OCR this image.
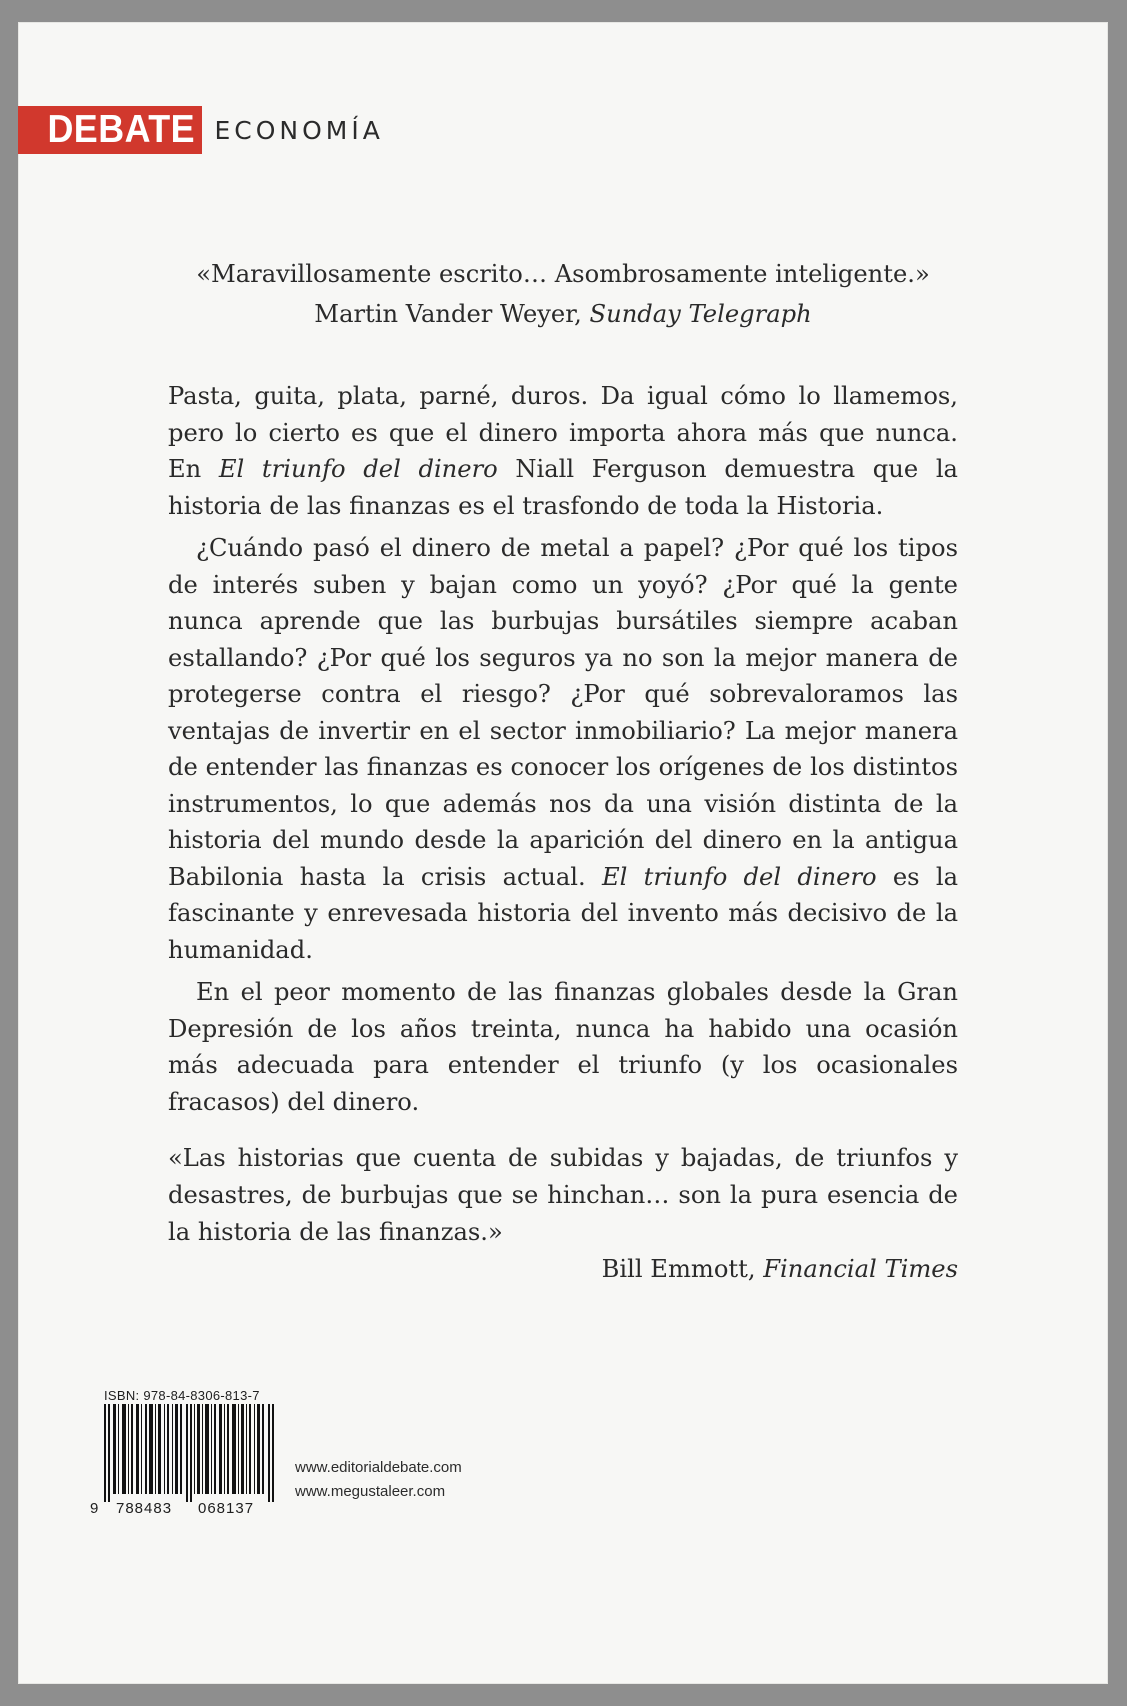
DEBATE ECONOMÍA
«Maravillosamente escrito… Asombrosamente inteligente.»
Martin Vander Weyer, Sunday Telegraph

Pasta, guita, plata, parné, duros. Da igual cómo lo llamemos, pero lo cierto es que el dinero importa ahora más que nunca. En El triunfo del dinero Niall Ferguson demuestra que la historia de las finanzas es el trasfondo de toda la Historia.

¿Cuándo pasó el dinero de metal a papel? ¿Por qué los tipos de interés suben y bajan como un yoyó? ¿Por qué la gente nunca aprende que las burbujas bursátiles siempre acaban estallando? ¿Por qué los seguros ya no son la mejor manera de protegerse contra el riesgo? ¿Por qué sobrevaloramos las ventajas de invertir en el sector inmobiliario? La mejor manera de entender las finanzas es conocer los orígenes de los distintos instrumentos, lo que además nos da una visión distinta de la historia del mundo desde la aparición del dinero en la antigua Babilonia hasta la crisis actual. El triunfo del dinero es la fascinante y enrevesada historia del invento más decisivo de la humanidad.

En el peor momento de las finanzas globales desde la Gran Depresión de los años treinta, nunca ha habido una ocasión más adecuada para entender el triunfo (y los ocasionales fracasos) del dinero.

«Las historias que cuenta de subidas y bajadas, de triunfos y desastres, de burbujas que se hinchan… son la pura esencia de la historia de las finanzas.»
Bill Emmott, Financial Times
ISBN: 978-84-8306-813-7
9 788483 068137
www.editorialdebate.com
www.megustaleer.com
